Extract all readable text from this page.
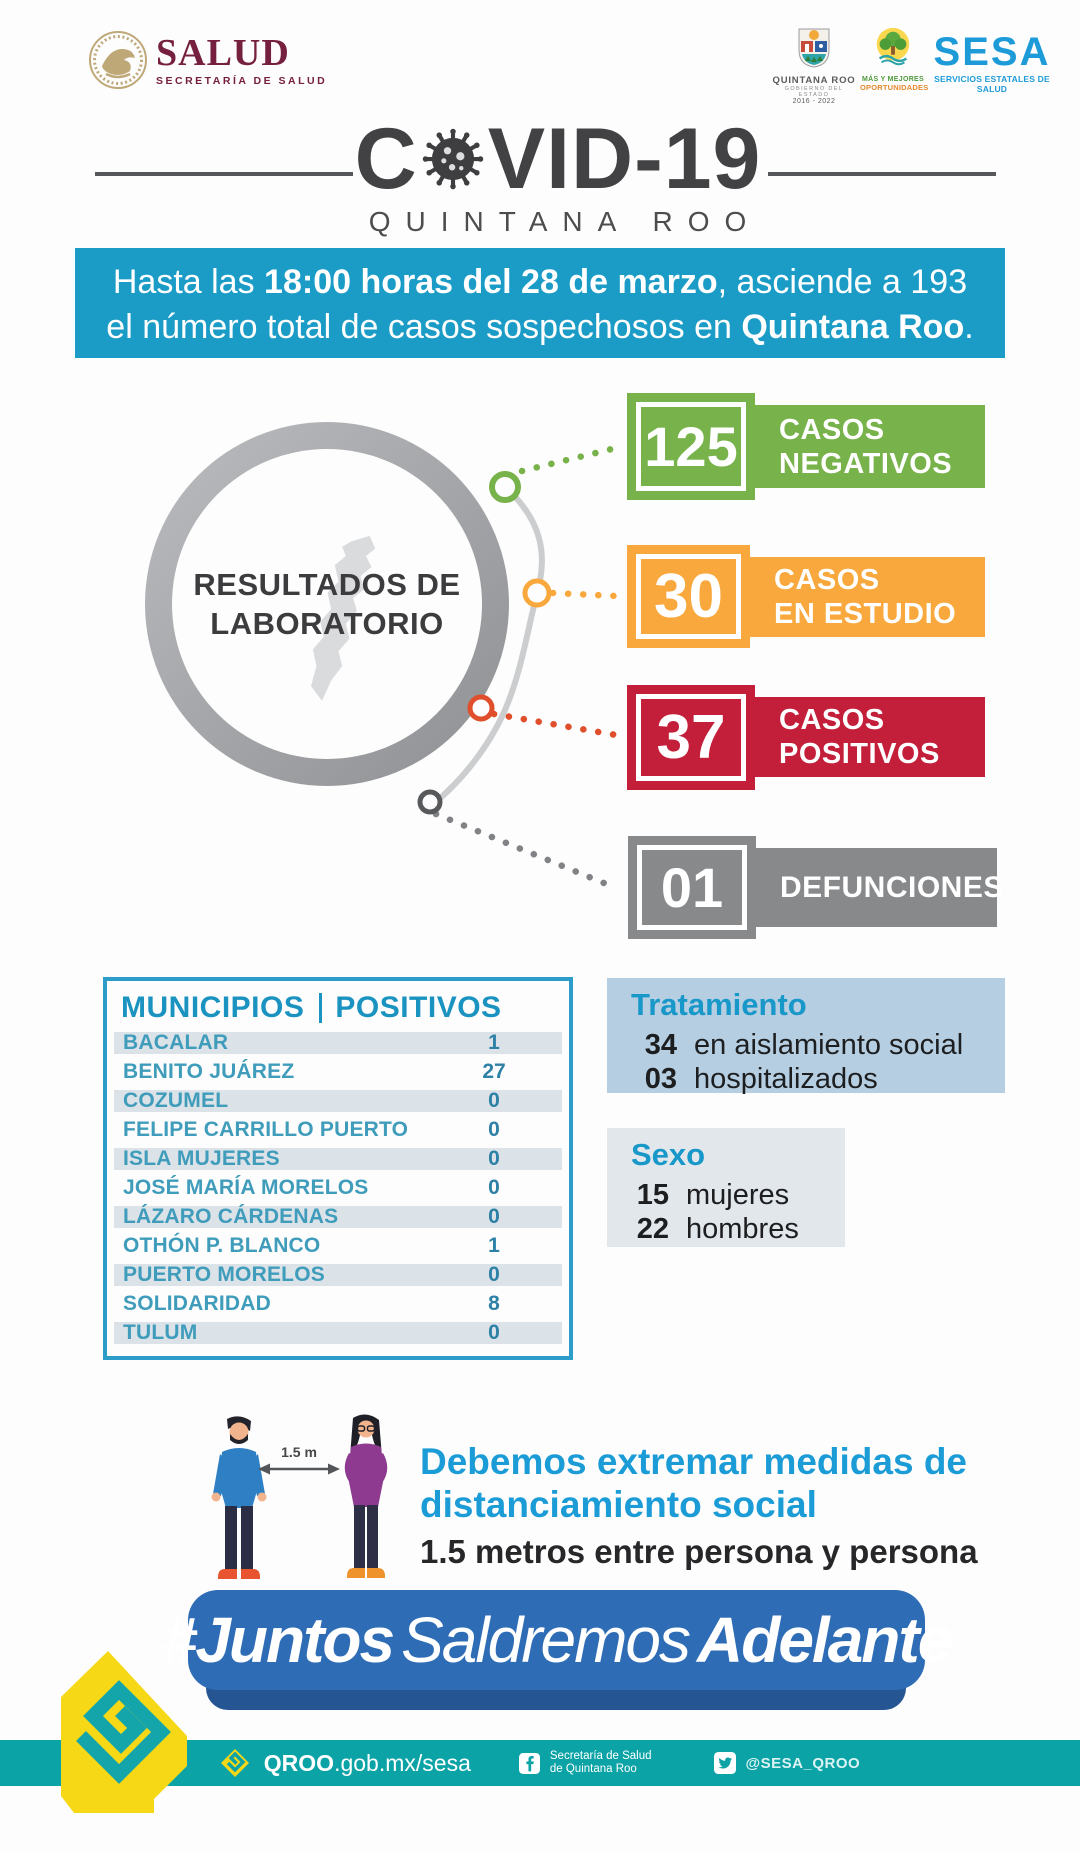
SALUD
SECRETARÍA DE SALUD	QUINTANA ROO
GOBIERNO DEL ESTADO
2016 - 2022
MÁS Y MEJORES
OPORTUNIDADES
SESA
SERVICIOS ESTATALES DE SALUD
C VID-19
QUINTANA ROO
Hasta las 18:00 horas del 28 de marzo, asciende a 193
el número total de casos sospechosos en Quintana Roo.
RESULTADOS DE
LABORATORIO
125 CASOS
NEGATIVOS
30 CASOS
EN ESTUDIO
37 CASOS
POSITIVOS
01 DEFUNCIONES
MUNICIPIOS POSITIVOS
BACALAR	1
BENITO JUÁREZ	27
COZUMEL	0
FELIPE CARRILLO PUERTO	0
ISLA MUJERES	0
JOSÉ MARÍA MORELOS	0
LÁZARO CÁRDENAS	0
OTHÓN P. BLANCO	1
PUERTO MORELOS	0
SOLIDARIDAD	8
TULUM	0
Tratamiento
34 en aislamiento social
03 hospitalizados
Sexo
15 mujeres
22 hombres
1.5 m	Debemos extremar medidas de
distanciamiento social
1.5 metros entre persona y persona
#Juntos Saldremos Adelante
QROO.gob.mx/sesa	Secretaría de Salud
de Quintana Roo	@SESA_QROO
